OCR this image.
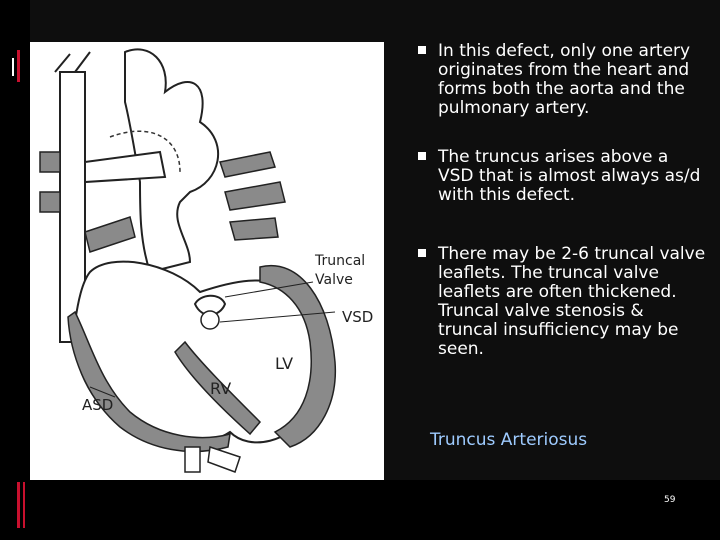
Truncal
Valve
VSD
LV
RV
ASD
In this defect, only one artery originates from the heart and forms both the aorta and the pulmonary artery.
The truncus arises above a VSD that is almost always as/d with this defect.
There may be 2-6 truncal valve leaflets. The truncal valve leaflets are often thickened. Truncal valve stenosis & truncal insufficiency may be seen.
Truncus Arteriosus
59
